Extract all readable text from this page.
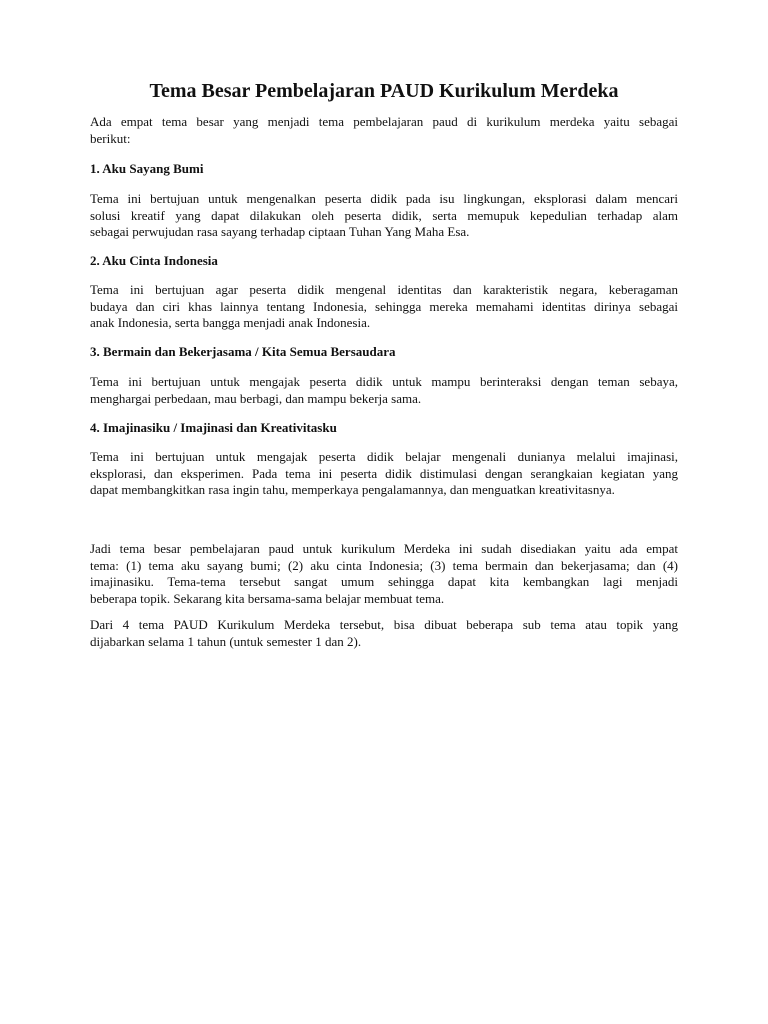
Tema Besar Pembelajaran PAUD Kurikulum Merdeka

Ada empat tema besar yang menjadi tema pembelajaran paud di kurikulum merdeka yaitu sebagai
berikut:

1. Aku Sayang Bumi

Tema ini bertujuan untuk mengenalkan peserta didik pada isu lingkungan, eksplorasi dalam mencari
solusi kreatif yang dapat dilakukan oleh peserta didik, serta memupuk kepedulian terhadap alam
sebagai perwujudan rasa sayang terhadap ciptaan Tuhan Yang Maha Esa.

2. Aku Cinta Indonesia

Tema ini bertujuan agar peserta didik mengenal identitas dan karakteristik negara, keberagaman
budaya dan ciri khas lainnya tentang Indonesia, sehingga mereka memahami identitas dirinya sebagai
anak Indonesia, serta bangga menjadi anak Indonesia.

3. Bermain dan Bekerjasama / Kita Semua Bersaudara

Tema ini bertujuan untuk mengajak peserta didik untuk mampu berinteraksi dengan teman sebaya,
menghargai perbedaan, mau berbagi, dan mampu bekerja sama.

4. Imajinasiku / Imajinasi dan Kreativitasku

Tema ini bertujuan untuk mengajak peserta didik belajar mengenali dunianya melalui imajinasi,
eksplorasi, dan eksperimen. Pada tema ini peserta didik distimulasi dengan serangkaian kegiatan yang
dapat membangkitkan rasa ingin tahu, memperkaya pengalamannya, dan menguatkan kreativitasnya.

Jadi tema besar pembelajaran paud untuk kurikulum Merdeka ini sudah disediakan yaitu ada empat
tema: (1) tema aku sayang bumi; (2) aku cinta Indonesia; (3) tema bermain dan bekerjasama; dan (4)
imajinasiku. Tema-tema tersebut sangat umum sehingga dapat kita kembangkan lagi menjadi
beberapa topik. Sekarang kita bersama-sama belajar membuat tema.

Dari 4 tema PAUD Kurikulum Merdeka tersebut, bisa dibuat beberapa sub tema atau topik yang
dijabarkan selama 1 tahun (untuk semester 1 dan 2).
